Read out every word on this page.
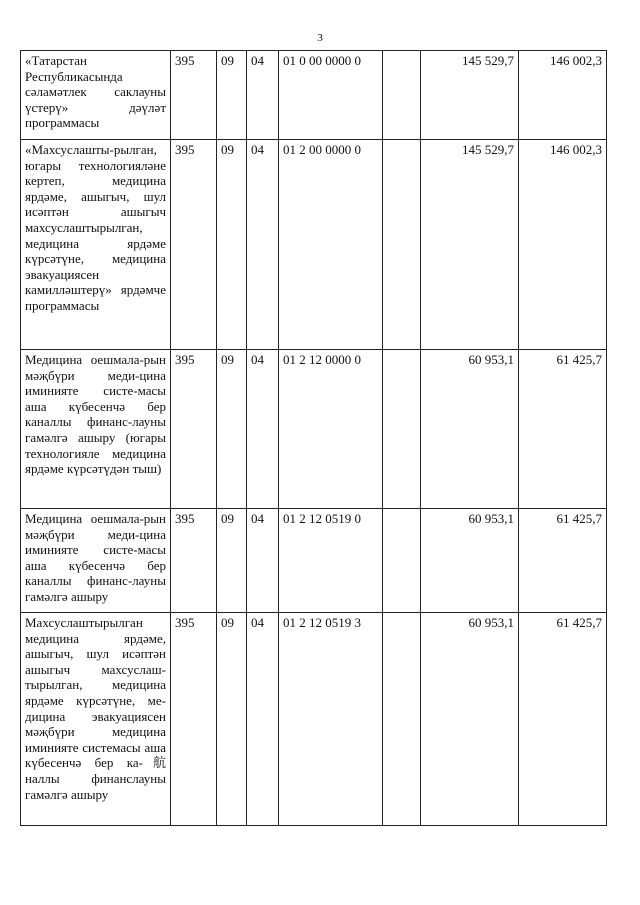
3
«Татарстан Республикасында сәламәтлек саклауны үстерү» дәүләт программасы	395	09	04	01 0 00 0000 0		145 529,7	146 002,3
«Махсуслашты-рылган, югары технологияләне кертеп, медицина ярдәме, ашыгыч, шул исәптән ашыгыч махсуслаштырылган, медицина ярдәме күрсәтүне, медицина эвакуациясен камилләштерү» ярдәмче программасы	395	09	04	01 2 00 0000 0		145 529,7	146 002,3
Медицина оешмала-рын мәҗбүри меди-цина иминияте систе-масы аша күбесенчә бер каналлы финанс-лауны гамәлгә ашыру (югары технологияле медицина ярдәме күрсәтүдән тыш)	395	09	04	01 2 12 0000 0		60 953,1	61 425,7
Медицина оешмала-рын мәҗбүри меди-цина иминияте систе-масы аша күбесенчә бер каналлы финанс-лауны гамәлгә ашыру	395	09	04	01 2 12 0519 0		60 953,1	61 425,7
Махсуслаштырылган медицина ярдәме, ашыгыч, шул исәптән ашыгыч махсуслаш-тырылган, медицина ярдәме күрсәтүне, ме-дицина эвакуациясен мәҗбүри медицина иминияте системасы аша күбесенчә бер ка-航 наллы финанслауны гамәлгә ашыру	395	09	04	01 2 12 0519 3		60 953,1	61 425,7
